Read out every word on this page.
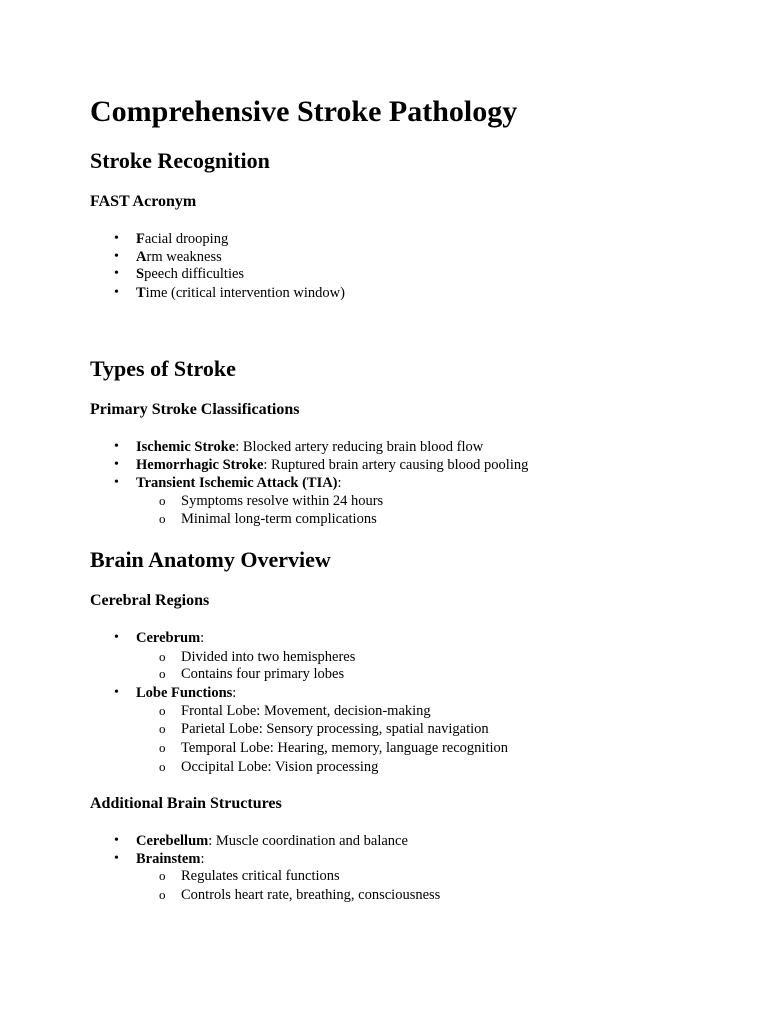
Comprehensive Stroke Pathology
Stroke Recognition
FAST Acronym
• Facial drooping
• Arm weakness
• Speech difficulties
• Time (critical intervention window)
Types of Stroke
Primary Stroke Classifications
• Ischemic Stroke: Blocked artery reducing brain blood flow
• Hemorrhagic Stroke: Ruptured brain artery causing blood pooling
• Transient Ischemic Attack (TIA):
o Symptoms resolve within 24 hours
o Minimal long-term complications
Brain Anatomy Overview
Cerebral Regions
• Cerebrum:
o Divided into two hemispheres
o Contains four primary lobes
• Lobe Functions:
o Frontal Lobe: Movement, decision-making
o Parietal Lobe: Sensory processing, spatial navigation
o Temporal Lobe: Hearing, memory, language recognition
o Occipital Lobe: Vision processing
Additional Brain Structures
• Cerebellum: Muscle coordination and balance
• Brainstem:
o Regulates critical functions
o Controls heart rate, breathing, consciousness
